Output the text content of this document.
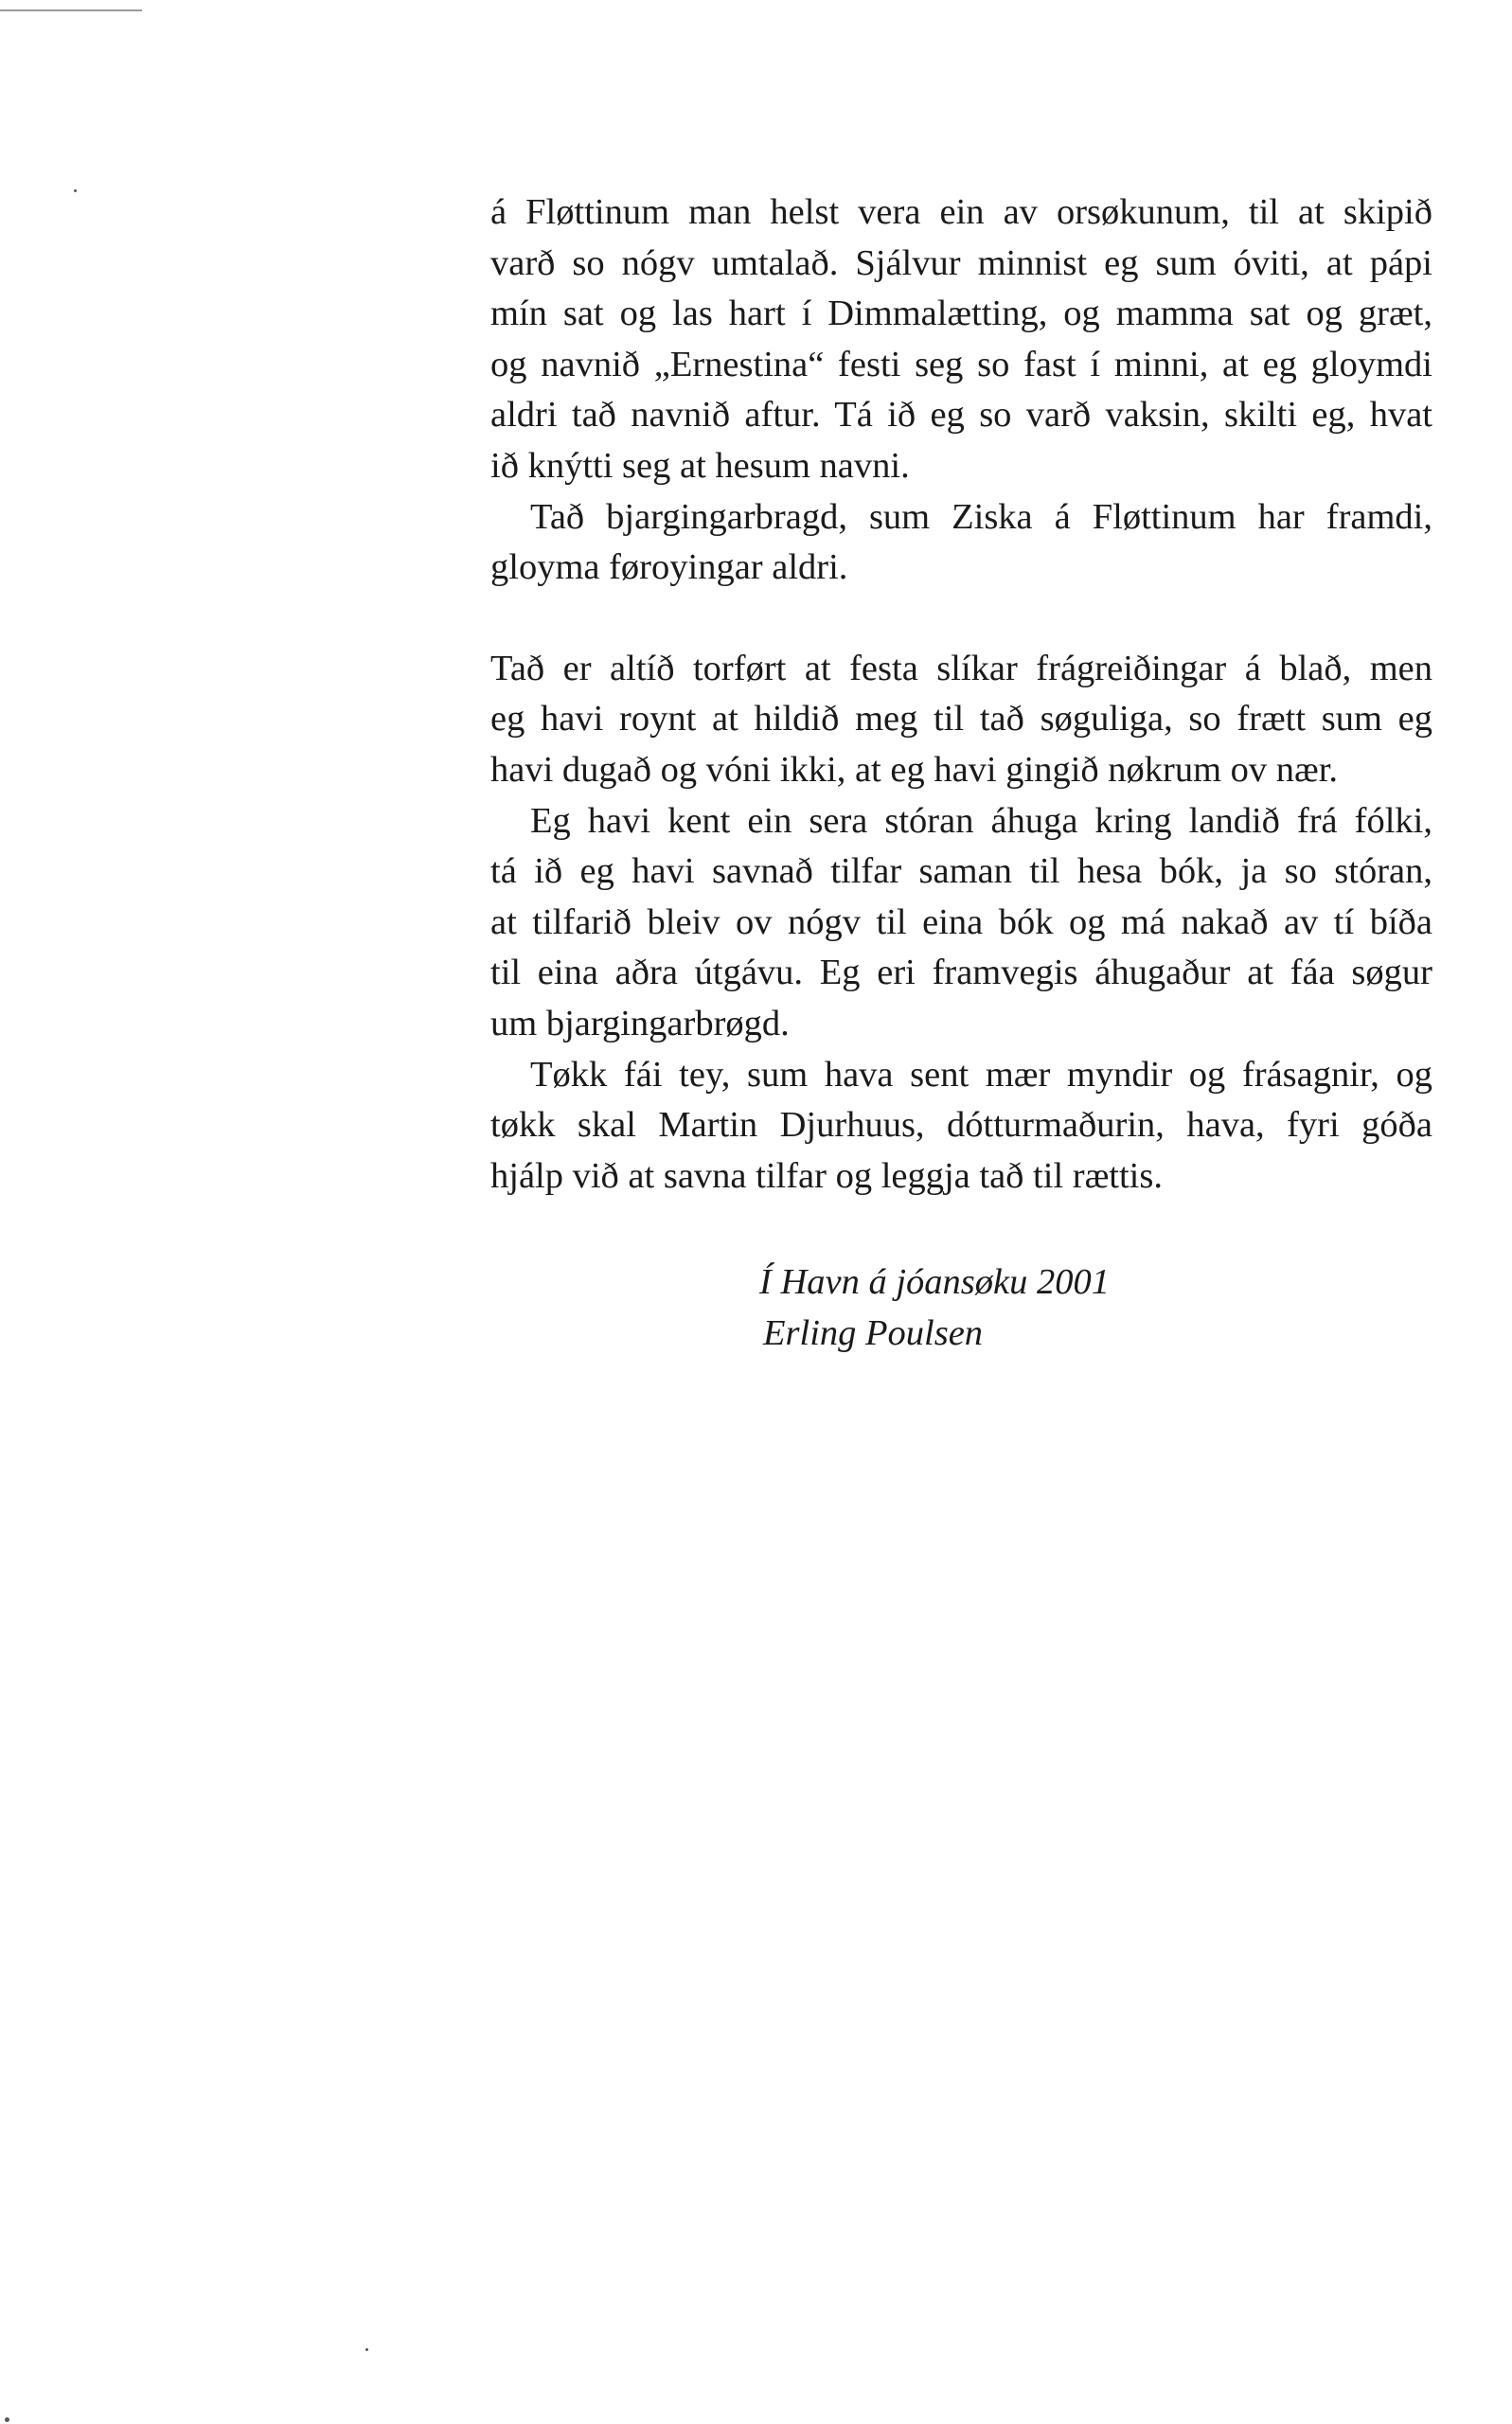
á Fløttinum man helst vera ein av orsøkunum, til at skipið
varð so nógv umtalað. Sjálvur minnist eg sum óviti, at pápi
mín sat og las hart í Dimmalætting, og mamma sat og græt,
og navnið „Ernestina“ festi seg so fast í minni, at eg gloymdi
aldri tað navnið aftur. Tá ið eg so varð vaksin, skilti eg, hvat
ið knýtti seg at hesum navni.
Tað bjargingarbragd, sum Ziska á Fløttinum har framdi,
gloyma føroyingar aldri.
Tað er altíð torført at festa slíkar frágreiðingar á blað, men
eg havi roynt at hildið meg til tað søguliga, so frætt sum eg
havi dugað og vóni ikki, at eg havi gingið nøkrum ov nær.
Eg havi kent ein sera stóran áhuga kring landið frá fólki,
tá ið eg havi savnað tilfar saman til hesa bók, ja so stóran,
at tilfarið bleiv ov nógv til eina bók og má nakað av tí bíða
til eina aðra útgávu. Eg eri framvegis áhugaður at fáa søgur
um bjargingarbrøgd.
Tøkk fái tey, sum hava sent mær myndir og frásagnir, og
tøkk skal Martin Djurhuus, dótturmaðurin, hava, fyri góða
hjálp við at savna tilfar og leggja tað til rættis.
Í Havn á jóansøku 2001
Erling Poulsen
